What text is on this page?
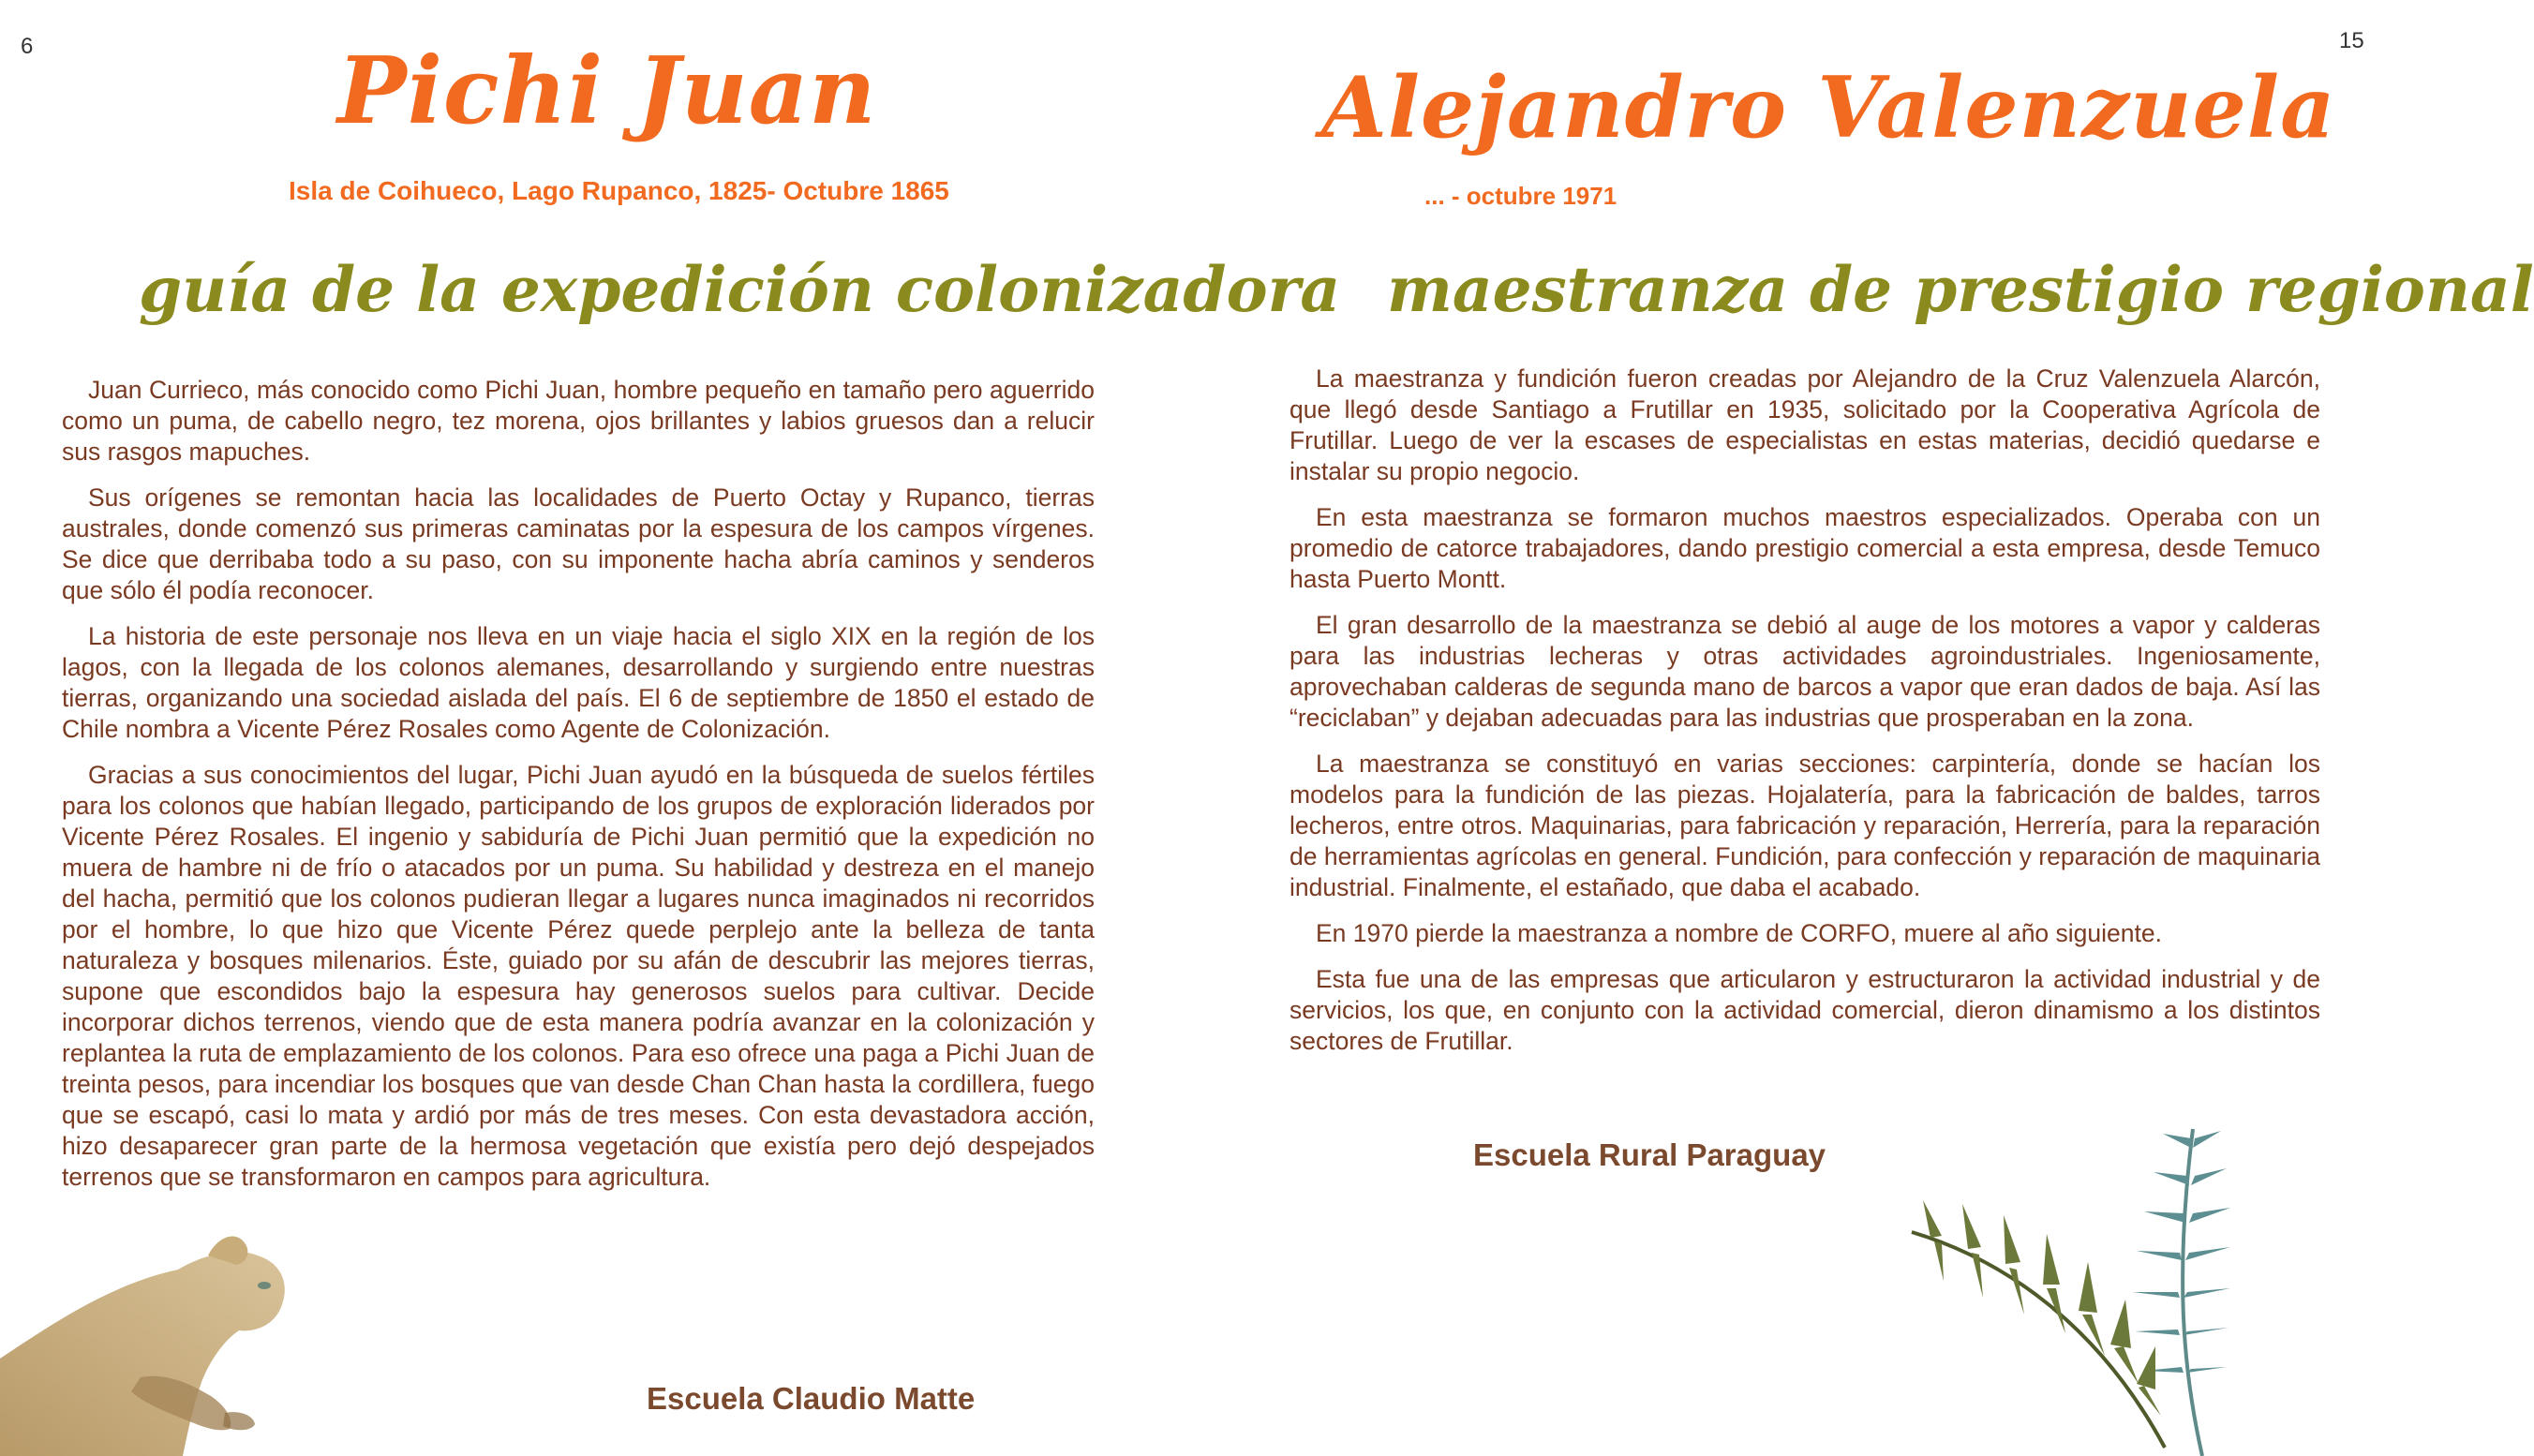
6	Pichi Juan
Isla de Coihueco, Lago Rupanco, 1825- Octubre 1865
guía de la expedición colonizadora

Juan Currieco, más conocido como Pichi Juan, hombre pequeño en tamaño pero aguerrido como un puma, de cabello negro, tez morena, ojos brillantes y labios gruesos dan a relucir sus rasgos mapuches.

Sus orígenes se remontan hacia las localidades de Puerto Octay y Rupanco, tierras australes, donde comenzó sus primeras caminatas por la espesura de los campos vírgenes. Se dice que derribaba todo a su paso, con su imponente hacha abría caminos y senderos que sólo él podía reconocer.

La historia de este personaje nos lleva en un viaje hacia el siglo XIX en la región de los lagos, con la llegada de los colonos alemanes, desarrollando y surgiendo entre nuestras tierras, organizando una sociedad aislada del país. El 6 de septiembre de 1850 el estado de Chile nombra a Vicente Pérez Rosales como Agente de Colonización.

Gracias a sus conocimientos del lugar, Pichi Juan ayudó en la búsqueda de suelos fértiles para los colonos que habían llegado, participando de los grupos de exploración liderados por Vicente Pérez Rosales. El ingenio y sabiduría de Pichi Juan permitió que la expedición no muera de hambre ni de frío o atacados por un puma. Su habilidad y destreza en el manejo del hacha, permitió que los colonos pudieran llegar a lugares nunca imaginados ni recorridos por el hombre, lo que hizo que Vicente Pérez quede perplejo ante la belleza de tanta naturaleza y bosques milenarios. Éste, guiado por su afán de descubrir las mejores tierras, supone que escondidos bajo la espesura hay generosos suelos para cultivar. Decide incorporar dichos terrenos, viendo que de esta manera podría avanzar en la colonización y replantea la ruta de emplazamiento de los colonos. Para eso ofrece una paga a Pichi Juan de treinta pesos, para incendiar los bosques que van desde Chan Chan hasta la cordillera, fuego que se escapó, casi lo mata y ardió por más de tres meses. Con esta devastadora acción, hizo desaparecer gran parte de la hermosa vegetación que existía pero dejó despejados terrenos que se transformaron en campos para agricultura.

Escuela Claudio Matte
15
Alejandro Valenzuela
... - octubre 1971
maestranza de prestigio regional

La maestranza y fundición fueron creadas por Alejandro de la Cruz Valenzuela Alarcón, que llegó desde Santiago a Frutillar en 1935, solicitado por la Cooperativa Agrícola de Frutillar. Luego de ver la escases de especialistas en estas materias, decidió quedarse e instalar su propio negocio.

En esta maestranza se formaron muchos maestros especializados. Operaba con un promedio de catorce trabajadores, dando prestigio comercial a esta empresa, desde Temuco hasta Puerto Montt.

El gran desarrollo de la maestranza se debió al auge de los motores a vapor y calderas para las industrias lecheras y otras actividades agroindustriales. Ingeniosamente, aprovechaban calderas de segunda mano de barcos a vapor que eran dados de baja. Así las “reciclaban” y dejaban adecuadas para las industrias que prosperaban en la zona.

La maestranza se constituyó en varias secciones: carpintería, donde se hacían los modelos para la fundición de las piezas. Hojalatería, para la fabricación de baldes, tarros lecheros, entre otros. Maquinarias, para fabricación y reparación, Herrería, para la reparación de herramientas agrícolas en general. Fundición, para confección y reparación de maquinaria industrial. Finalmente, el estañado, que daba el acabado.

En 1970 pierde la maestranza a nombre de CORFO, muere al año siguiente.

Esta fue una de las empresas que articularon y estructuraron la actividad industrial y de servicios, los que, en conjunto con la actividad comercial, dieron dinamismo a los distintos sectores de Frutillar.

Escuela Rural Paraguay
